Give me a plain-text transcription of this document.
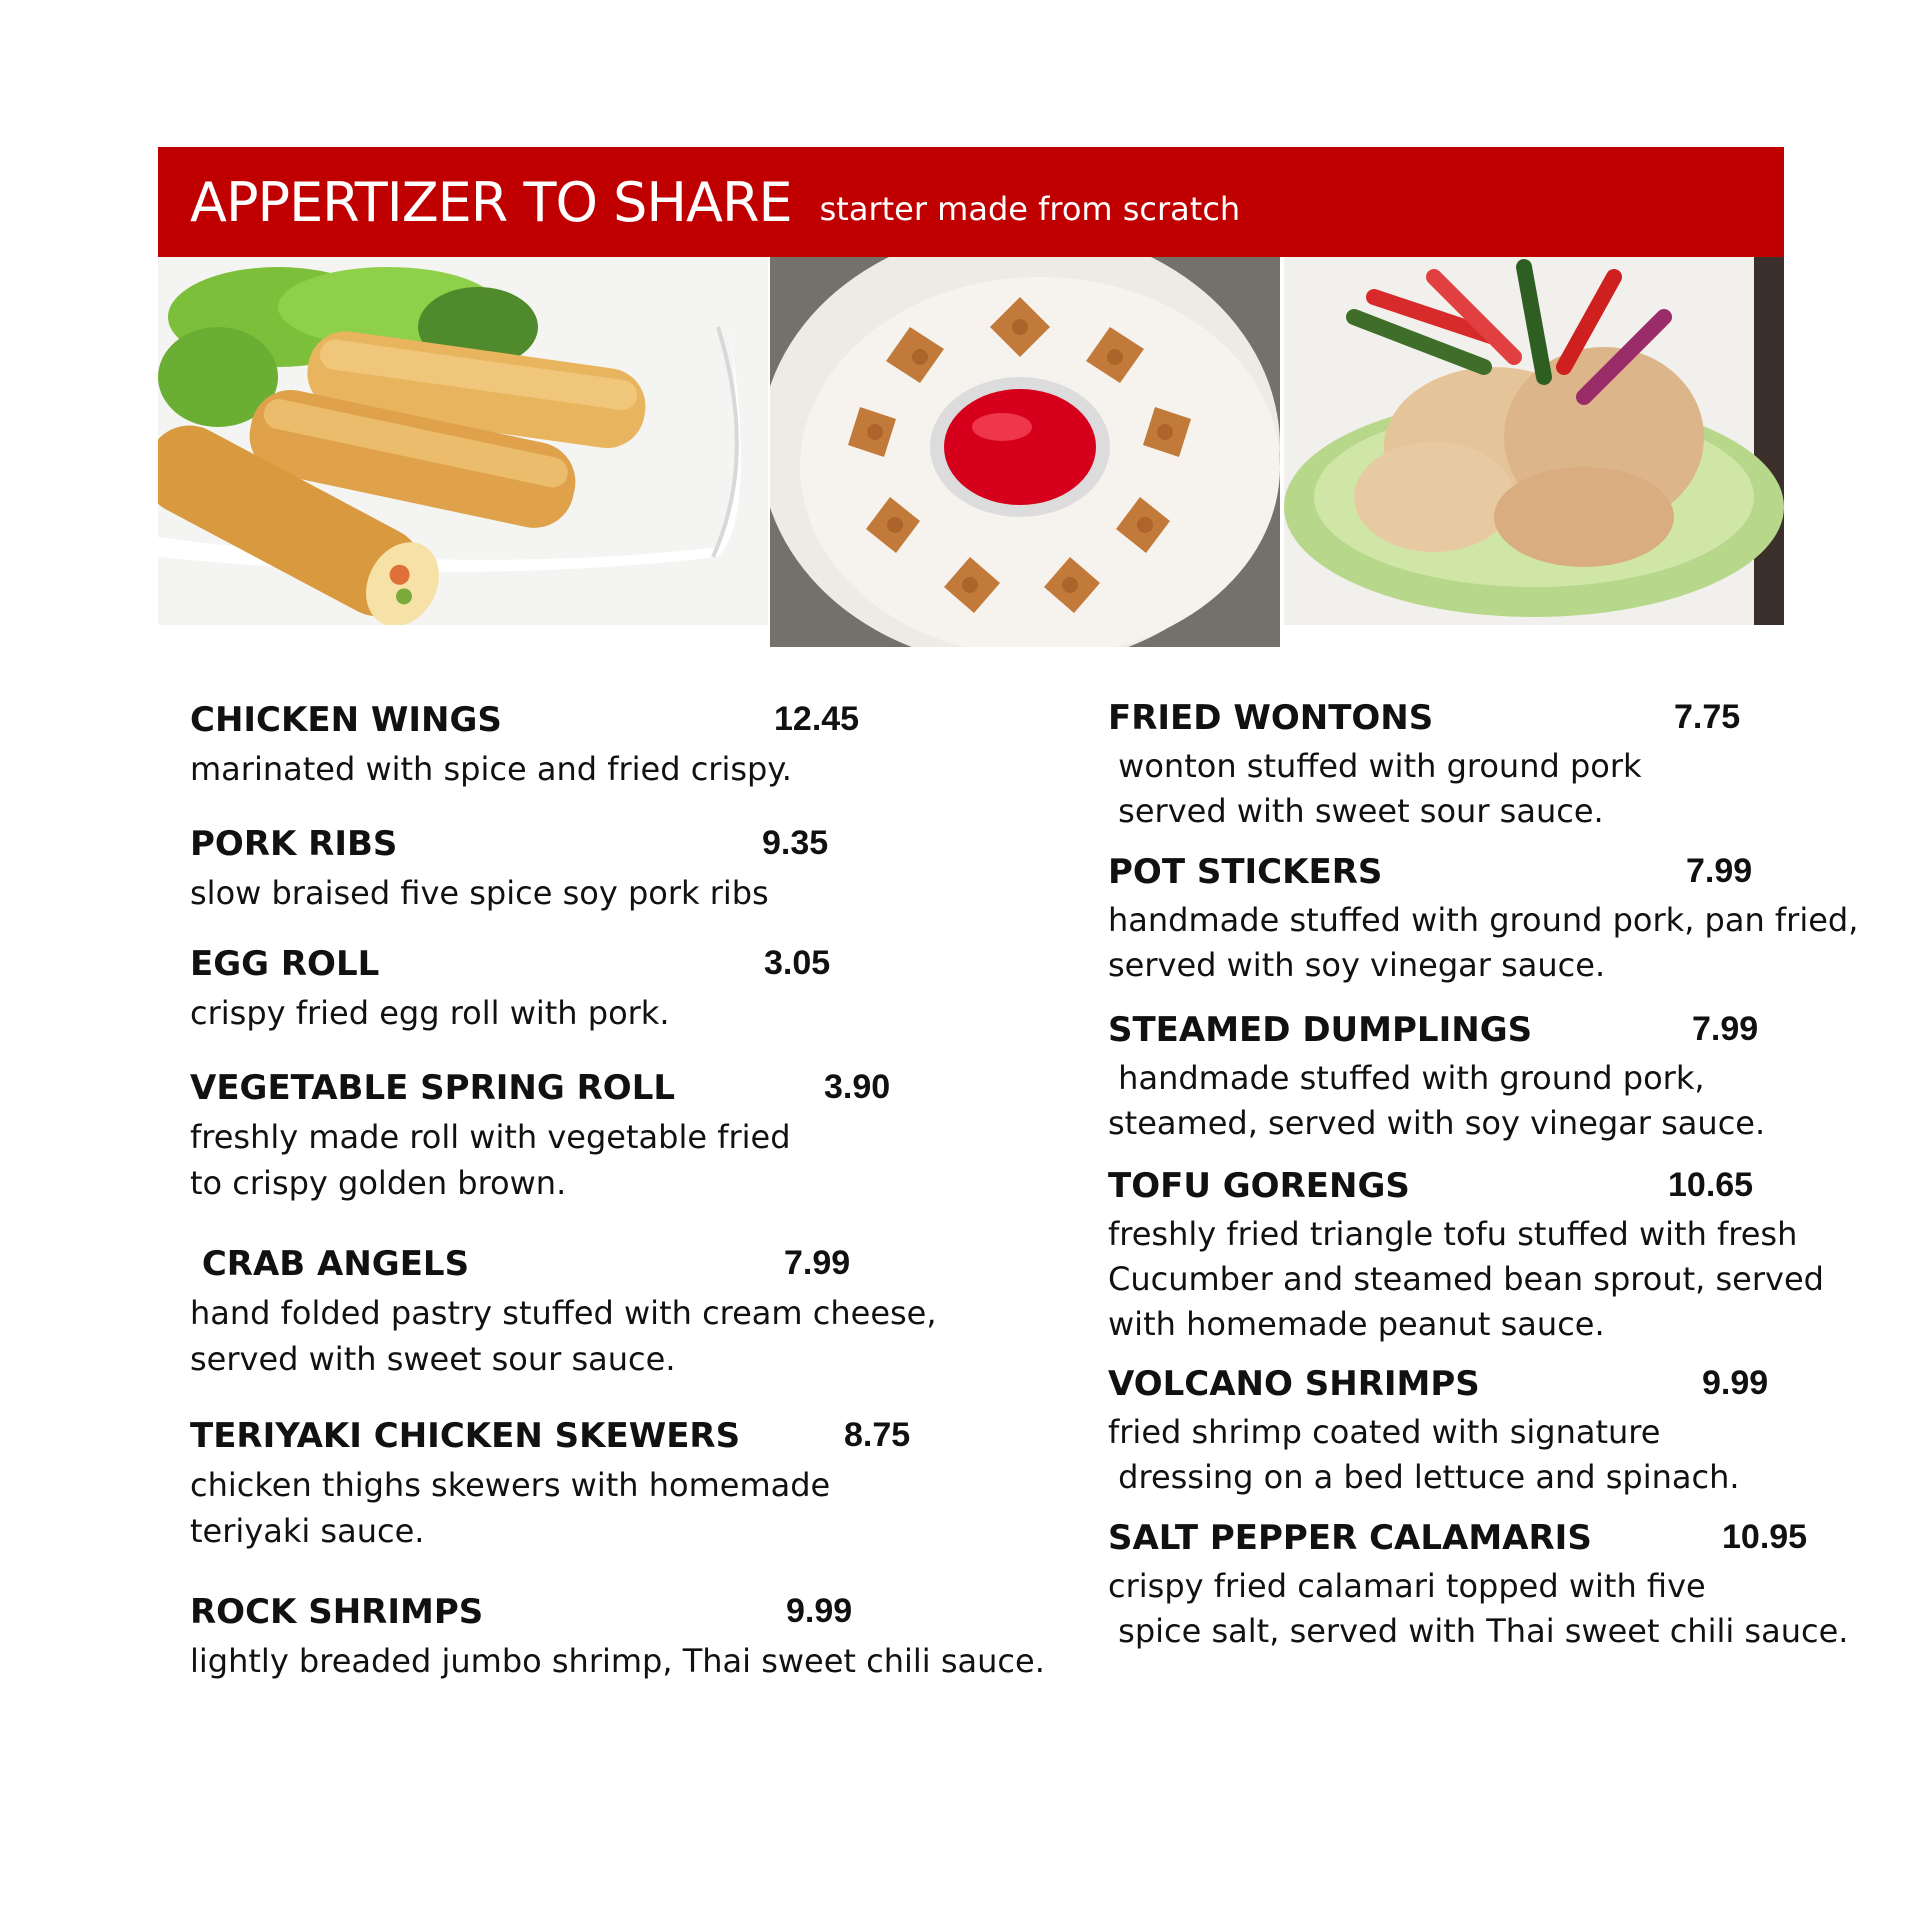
APPERTIZER TO SHARE starter made from scratch
CHICKEN WINGS	12.45
marinated with spice and fried crispy.
PORK RIBS	9.35
slow braised five spice soy pork ribs
EGG ROLL	3.05
crispy fried egg roll with pork.
VEGETABLE SPRING ROLL	3.90
freshly made roll with vegetable fried
to crispy golden brown.
CRAB ANGELS	7.99
hand folded pastry stuffed with cream cheese,
served with sweet sour sauce.
TERIYAKI CHICKEN SKEWERS	8.75
chicken thighs skewers with homemade
teriyaki sauce.
ROCK SHRIMPS	9.99
lightly breaded jumbo shrimp, Thai sweet chili sauce.
FRIED WONTONS	7.75
wonton stuffed with ground pork
served with sweet sour sauce.
POT STICKERS	7.99
handmade stuffed with ground pork, pan fried,
served with soy vinegar sauce.
STEAMED DUMPLINGS	7.99
handmade stuffed with ground pork,
steamed, served with soy vinegar sauce.
TOFU GORENGS	10.65
freshly fried triangle tofu stuffed with fresh
Cucumber and steamed bean sprout, served
with homemade peanut sauce.
VOLCANO SHRIMPS	9.99
fried shrimp coated with signature
dressing on a bed lettuce and spinach.
SALT PEPPER CALAMARIS	10.95
crispy fried calamari topped with five
spice salt, served with Thai sweet chili sauce.
